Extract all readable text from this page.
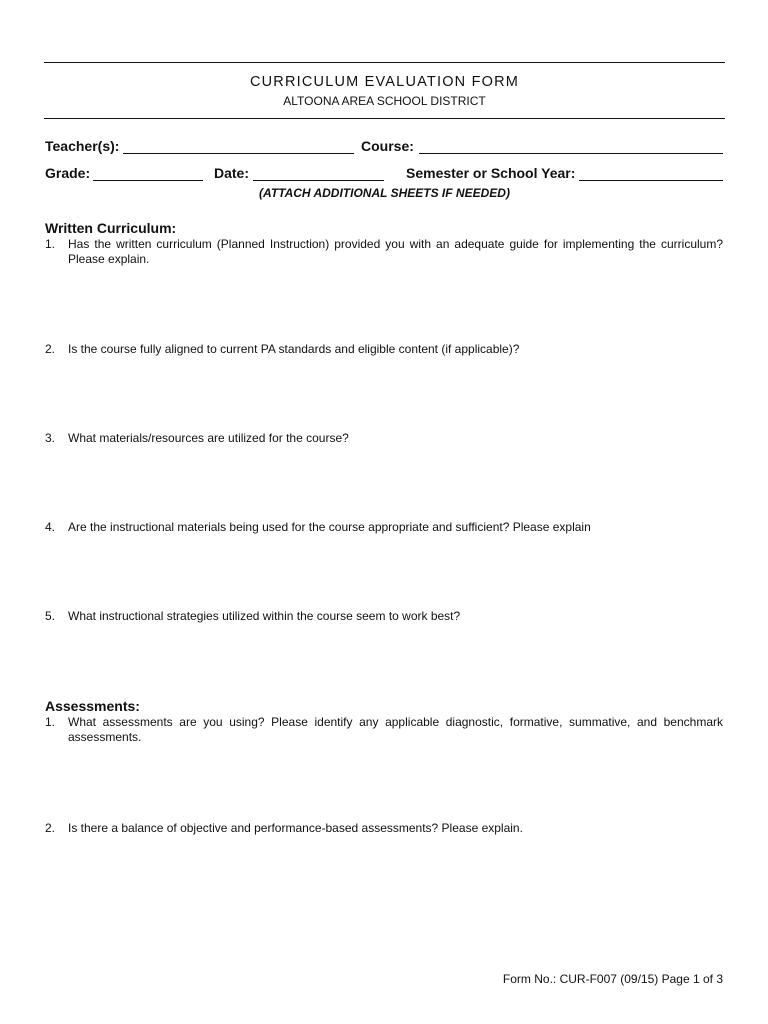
CURRICULUM EVALUATION FORM
ALTOONA AREA SCHOOL DISTRICT
Teacher(s):	Course:
Grade:	Date:	Semester or School Year:
(ATTACH ADDITIONAL SHEETS IF NEEDED)
Written Curriculum:
1. Has the written curriculum (Planned Instruction) provided you with an adequate guide for implementing the curriculum? Please explain.
2. Is the course fully aligned to current PA standards and eligible content (if applicable)?
3. What materials/resources are utilized for the course?
4. Are the instructional materials being used for the course appropriate and sufficient? Please explain
5. What instructional strategies utilized within the course seem to work best?
Assessments:
1. What assessments are you using? Please identify any applicable diagnostic, formative, summative, and benchmark assessments.
2. Is there a balance of objective and performance-based assessments? Please explain.
Form No.: CUR-F007 (09/15) Page 1 of 3
